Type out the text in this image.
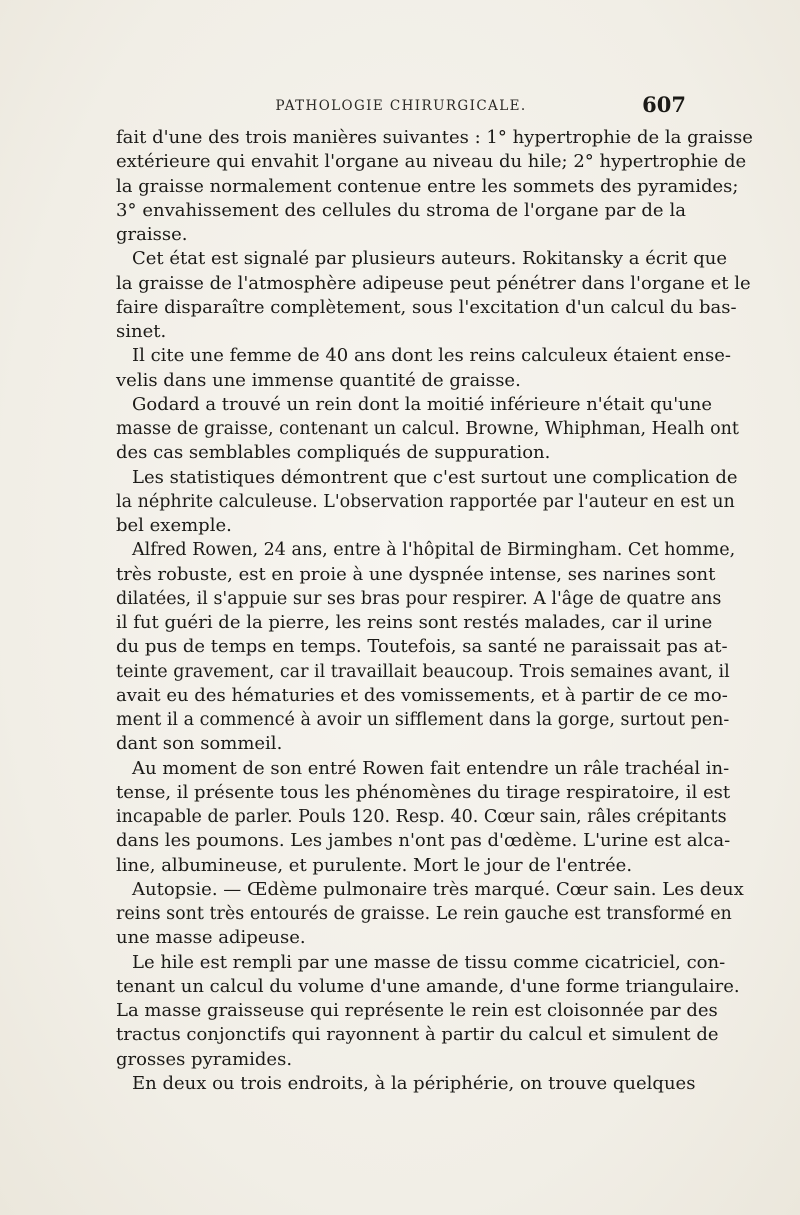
PATHOLOGIE CHIRURGICALE.	607
fait d'une des trois manières suivantes : 1° hypertrophie de la graisse
extérieure qui envahit l'organe au niveau du hile; 2° hypertrophie de
la graisse normalement contenue entre les sommets des pyramides;
3° envahissement des cellules du stroma de l'organe par de la
graisse.
Cet état est signalé par plusieurs auteurs. Rokitansky a écrit que
la graisse de l'atmosphère adipeuse peut pénétrer dans l'organe et le
faire disparaître complètement, sous l'excitation d'un calcul du bas-
sinet.
Il cite une femme de 40 ans dont les reins calculeux étaient ense-
velis dans une immense quantité de graisse.
Godard a trouvé un rein dont la moitié inférieure n'était qu'une
masse de graisse, contenant un calcul. Browne, Whiphman, Healh ont
des cas semblables compliqués de suppuration.
Les statistiques démontrent que c'est surtout une complication de
la néphrite calculeuse. L'observation rapportée par l'auteur en est un
bel exemple.
Alfred Rowen, 24 ans, entre à l'hôpital de Birmingham. Cet homme,
très robuste, est en proie à une dyspnée intense, ses narines sont
dilatées, il s'appuie sur ses bras pour respirer. A l'âge de quatre ans
il fut guéri de la pierre, les reins sont restés malades, car il urine
du pus de temps en temps. Toutefois, sa santé ne paraissait pas at-
teinte gravement, car il travaillait beaucoup. Trois semaines avant, il
avait eu des hématuries et des vomissements, et à partir de ce mo-
ment il a commencé à avoir un sifflement dans la gorge, surtout pen-
dant son sommeil.
Au moment de son entré Rowen fait entendre un râle trachéal in-
tense, il présente tous les phénomènes du tirage respiratoire, il est
incapable de parler. Pouls 120. Resp. 40. Cœur sain, râles crépitants
dans les poumons. Les jambes n'ont pas d'œdème. L'urine est alca-
line, albumineuse, et purulente. Mort le jour de l'entrée.
Autopsie. — Œdème pulmonaire très marqué. Cœur sain. Les deux
reins sont très entourés de graisse. Le rein gauche est transformé en
une masse adipeuse.
Le hile est rempli par une masse de tissu comme cicatriciel, con-
tenant un calcul du volume d'une amande, d'une forme triangulaire.
La masse graisseuse qui représente le rein est cloisonnée par des
tractus conjonctifs qui rayonnent à partir du calcul et simulent de
grosses pyramides.
En deux ou trois endroits, à la périphérie, on trouve quelques
